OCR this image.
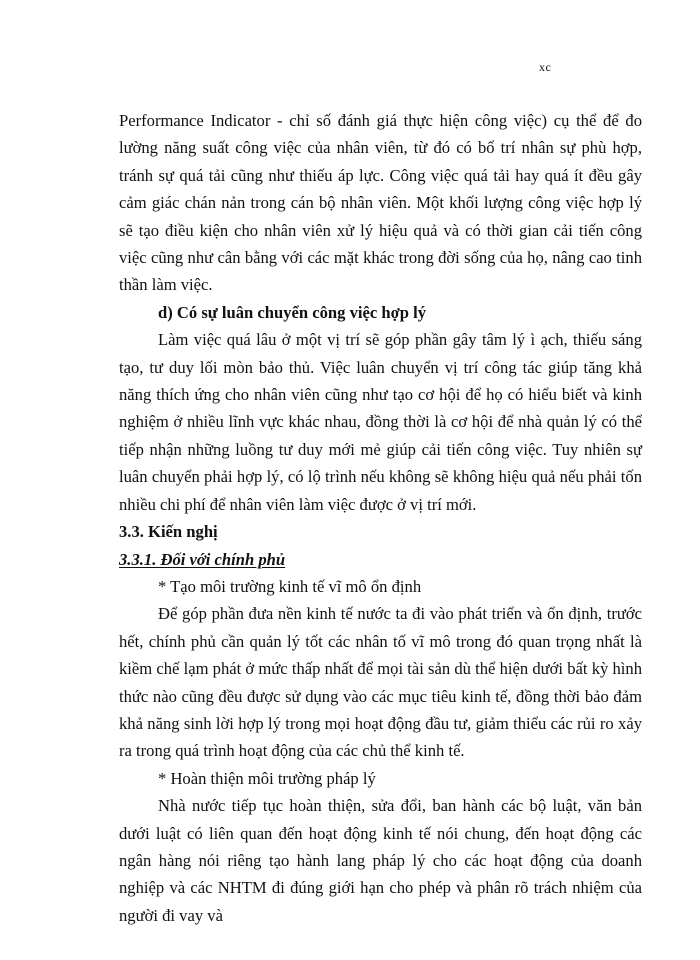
xc

Performance Indicator - chỉ số đánh giá thực hiện công việc) cụ thể để đo lường năng suất công việc của nhân viên, từ đó có bố trí nhân sự phù hợp, tránh sự quá tải cũng như thiếu áp lực. Công việc quá tải hay quá ít đều gây cảm giác chán nản trong cán bộ nhân viên. Một khối lượng công việc hợp lý sẽ tạo điều kiện cho nhân viên xử lý hiệu quả và có thời gian cải tiến công việc cũng như cân bằng với các mặt khác trong đời sống của họ, nâng cao tinh thần làm việc.

d) Có sự luân chuyển công việc hợp lý

Làm việc quá lâu ở một vị trí sẽ góp phần gây tâm lý ì ạch, thiếu sáng tạo, tư duy lối mòn bảo thủ. Việc luân chuyển vị trí công tác giúp tăng khả năng thích ứng cho nhân viên cũng như tạo cơ hội để họ có hiểu biết và kinh nghiệm ở nhiều lĩnh vực khác nhau, đồng thời là cơ hội để nhà quản lý có thể tiếp nhận những luồng tư duy mới mẻ giúp cải tiến công việc. Tuy nhiên sự luân chuyển phải hợp lý, có lộ trình nếu không sẽ không hiệu quả nếu phải tốn nhiều chi phí để nhân viên làm việc được ở vị trí mới.

3.3. Kiến nghị

3.3.1. Đối với chính phủ

* Tạo môi trường kinh tế vĩ mô ổn định

Để góp phần đưa nền kinh tế nước ta đi vào phát triển và ổn định, trước hết, chính phủ cần quản lý tốt các nhân tố vĩ mô trong đó quan trọng nhất là kiềm chế lạm phát ở mức thấp nhất để mọi tài sản dù thể hiện dưới bất kỳ hình thức nào cũng đều được sử dụng vào các mục tiêu kinh tế, đồng thời bảo đảm khả năng sinh lời hợp lý trong mọi hoạt động đầu tư, giảm thiểu các rủi ro xảy ra trong quá trình hoạt động của các chủ thể kinh tế.

* Hoàn thiện môi trường pháp lý

Nhà nước tiếp tục hoàn thiện, sửa đổi, ban hành các bộ luật, văn bản dưới luật có liên quan đến hoạt động kinh tế nói chung, đến hoạt động các ngân hàng nói riêng tạo hành lang pháp lý cho các hoạt động của doanh nghiệp và các NHTM đi đúng giới hạn cho phép và phân rõ trách nhiệm của người đi vay và
